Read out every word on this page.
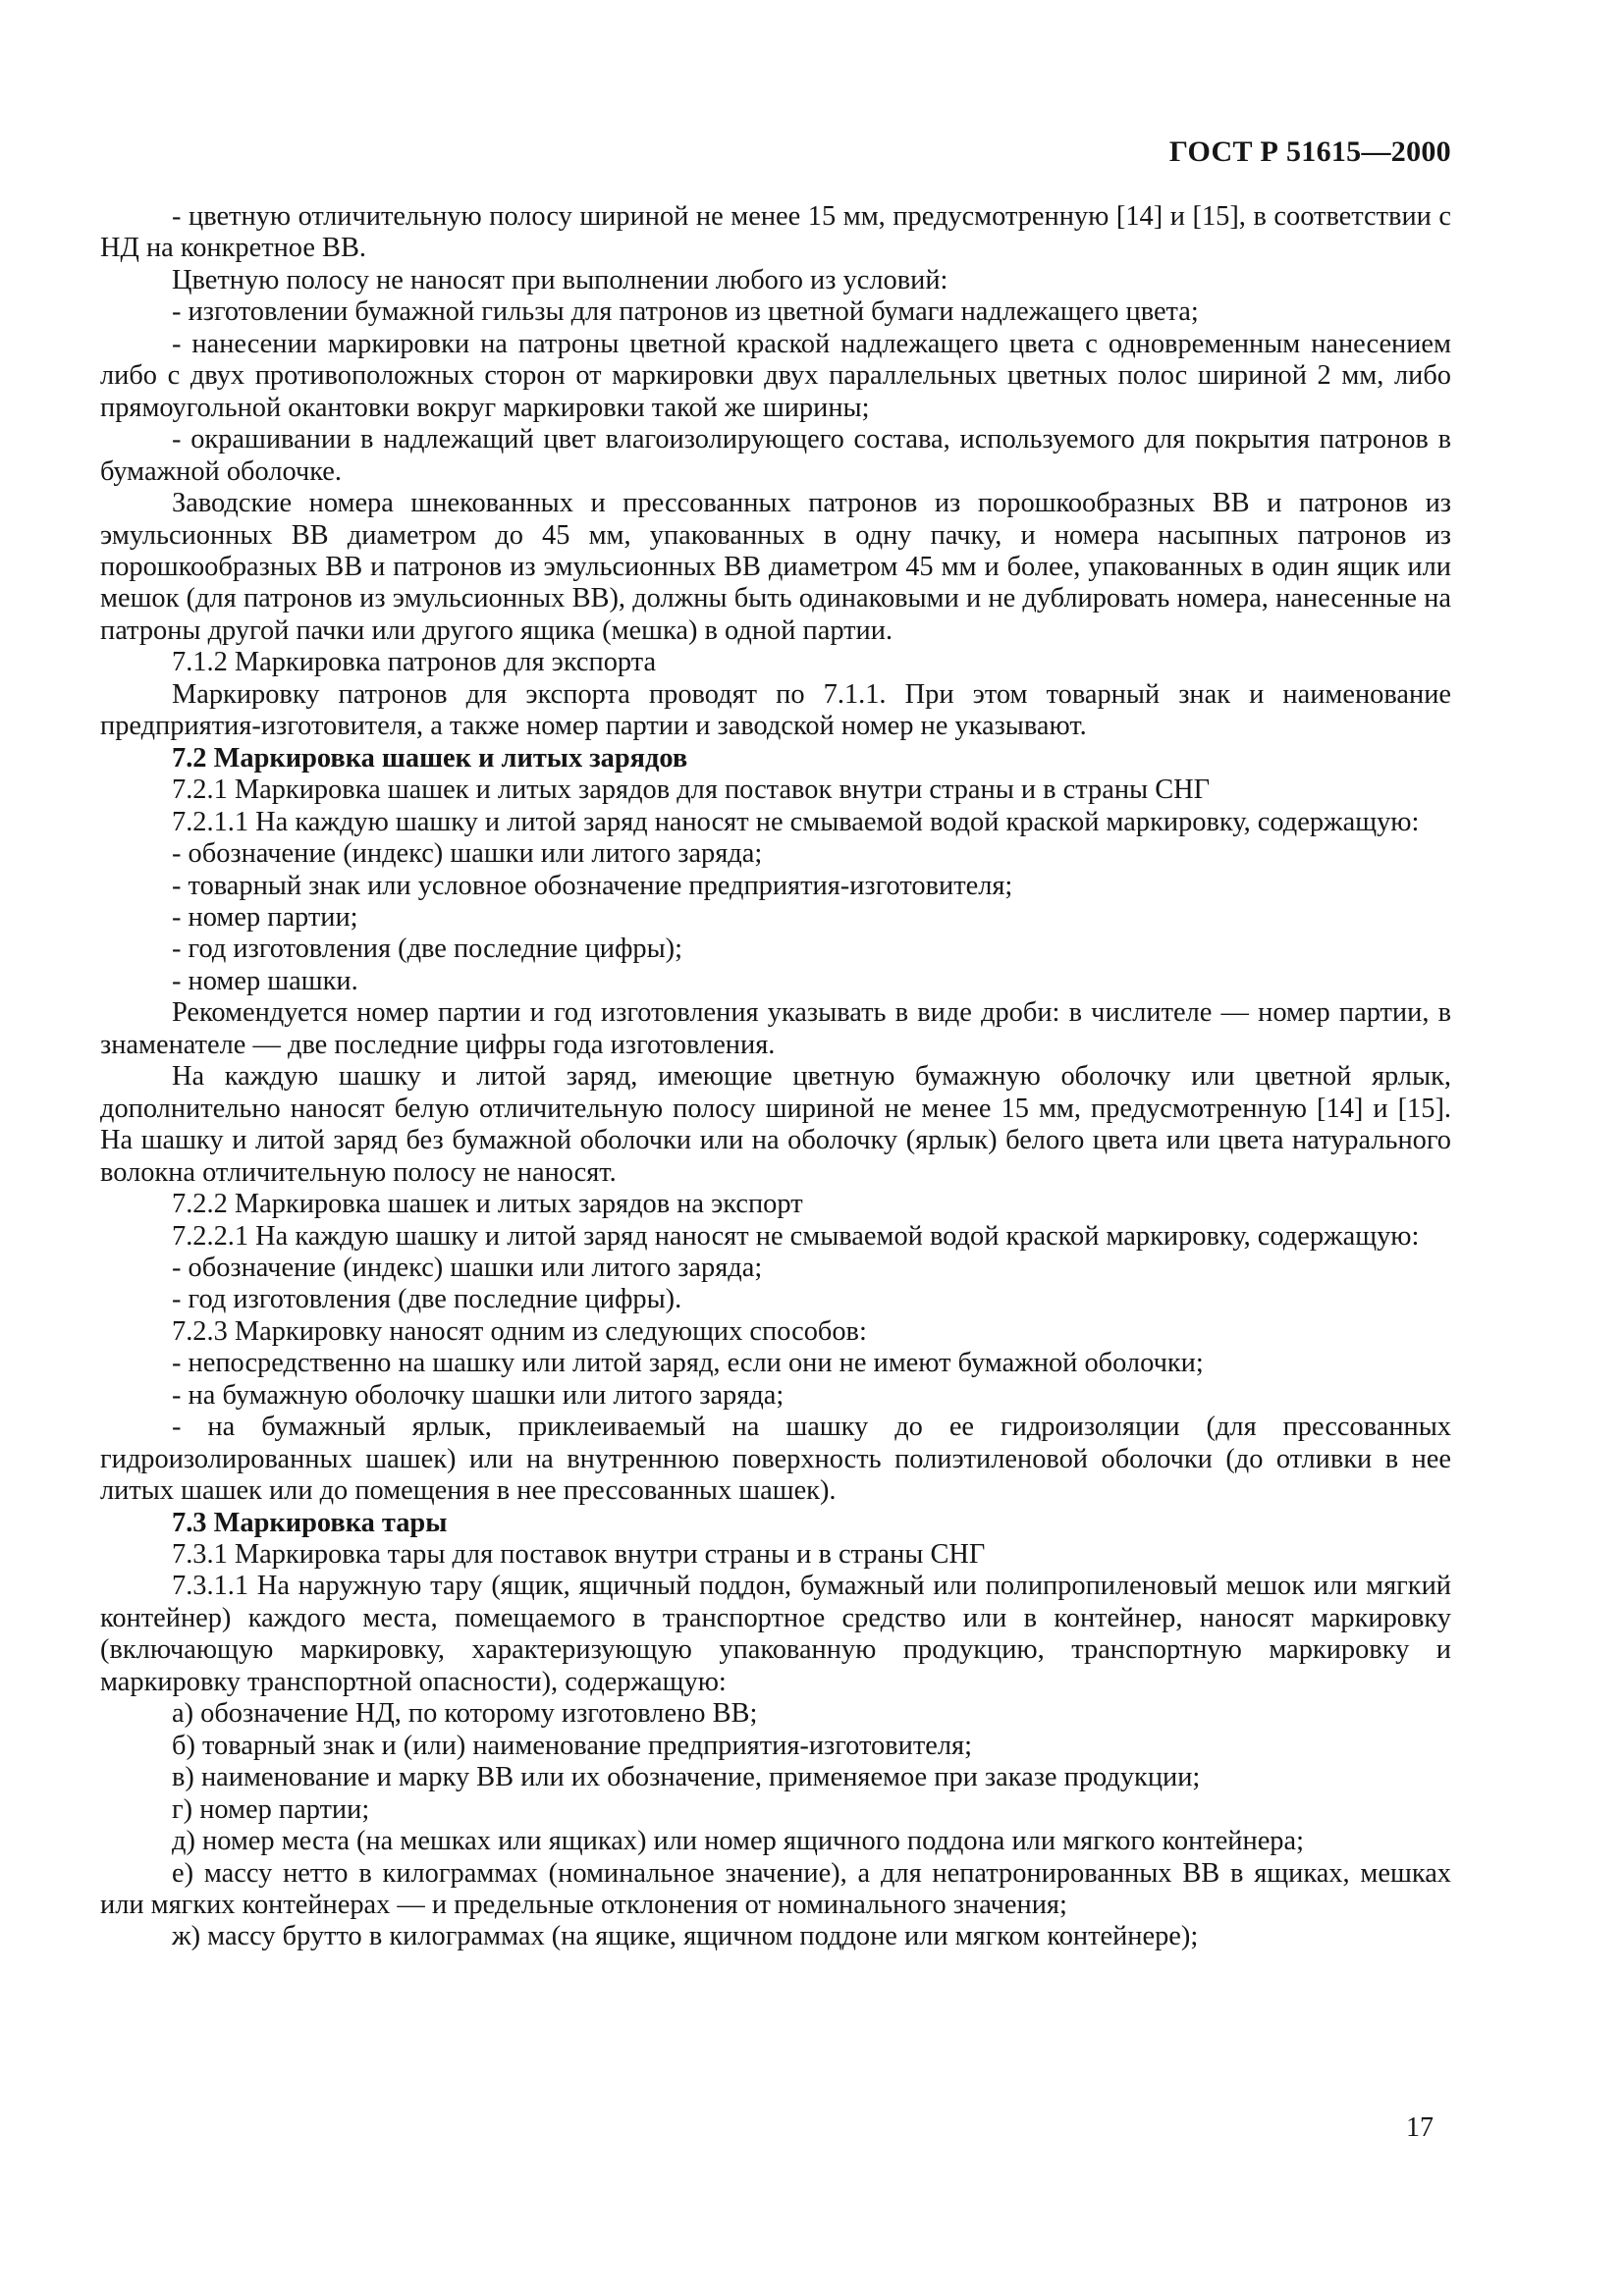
ГОСТ Р 51615—2000

- цветную отличительную полосу шириной не менее 15 мм, предусмотренную [14] и [15], в соответствии с НД на конкретное ВВ.

Цветную полосу не наносят при выполнении любого из условий:

- изготовлении бумажной гильзы для патронов из цветной бумаги надлежащего цвета;

- нанесении маркировки на патроны цветной краской надлежащего цвета с одновременным нанесением либо с двух противоположных сторон от маркировки двух параллельных цветных полос шириной 2 мм, либо прямоугольной окантовки вокруг маркировки такой же ширины;

- окрашивании в надлежащий цвет влагоизолирующего состава, используемого для покрытия патронов в бумажной оболочке.

Заводские номера шнекованных и прессованных патронов из порошкообразных ВВ и патронов из эмульсионных ВВ диаметром до 45 мм, упакованных в одну пачку, и номера насыпных патронов из порошкообразных ВВ и патронов из эмульсионных ВВ диаметром 45 мм и более, упакованных в один ящик или мешок (для патронов из эмульсионных ВВ), должны быть одинаковыми и не дублировать номера, нанесенные на патроны другой пачки или другого ящика (мешка) в одной партии.

7.1.2 Маркировка патронов для экспорта

Маркировку патронов для экспорта проводят по 7.1.1. При этом товарный знак и наименование предприятия-изготовителя, а также номер партии и заводской номер не указывают.

7.2 Маркировка шашек и литых зарядов

7.2.1 Маркировка шашек и литых зарядов для поставок внутри страны и в страны СНГ

7.2.1.1 На каждую шашку и литой заряд наносят не смываемой водой краской маркировку, содержащую:

- обозначение (индекс) шашки или литого заряда;

- товарный знак или условное обозначение предприятия-изготовителя;

- номер партии;

- год изготовления (две последние цифры);

- номер шашки.

Рекомендуется номер партии и год изготовления указывать в виде дроби: в числителе — номер партии, в знаменателе — две последние цифры года изготовления.

На каждую шашку и литой заряд, имеющие цветную бумажную оболочку или цветной ярлык, дополнительно наносят белую отличительную полосу шириной не менее 15 мм, предусмотренную [14] и [15]. На шашку и литой заряд без бумажной оболочки или на оболочку (ярлык) белого цвета или цвета натурального волокна отличительную полосу не наносят.

7.2.2 Маркировка шашек и литых зарядов на экспорт

7.2.2.1 На каждую шашку и литой заряд наносят не смываемой водой краской маркировку, содержащую:

- обозначение (индекс) шашки или литого заряда;

- год изготовления (две последние цифры).

7.2.3 Маркировку наносят одним из следующих способов:

- непосредственно на шашку или литой заряд, если они не имеют бумажной оболочки;

- на бумажную оболочку шашки или литого заряда;

- на бумажный ярлык, приклеиваемый на шашку до ее гидроизоляции (для прессованных гидроизолированных шашек) или на внутреннюю поверхность полиэтиленовой оболочки (до отливки в нее литых шашек или до помещения в нее прессованных шашек).

7.3 Маркировка тары

7.3.1 Маркировка тары для поставок внутри страны и в страны СНГ

7.3.1.1 На наружную тару (ящик, ящичный поддон, бумажный или полипропиленовый мешок или мягкий контейнер) каждого места, помещаемого в транспортное средство или в контейнер, наносят маркировку (включающую маркировку, характеризующую упакованную продукцию, транспортную маркировку и маркировку транспортной опасности), содержащую:

а) обозначение НД, по которому изготовлено ВВ;

б) товарный знак и (или) наименование предприятия-изготовителя;

в) наименование и марку ВВ или их обозначение, применяемое при заказе продукции;

г) номер партии;

д) номер места (на мешках или ящиках) или номер ящичного поддона или мягкого контейнера;

е) массу нетто в килограммах (номинальное значение), а для непатронированных ВВ в ящиках, мешках или мягких контейнерах — и предельные отклонения от номинального значения;

ж) массу брутто в килограммах (на ящике, ящичном поддоне или мягком контейнере);

17
